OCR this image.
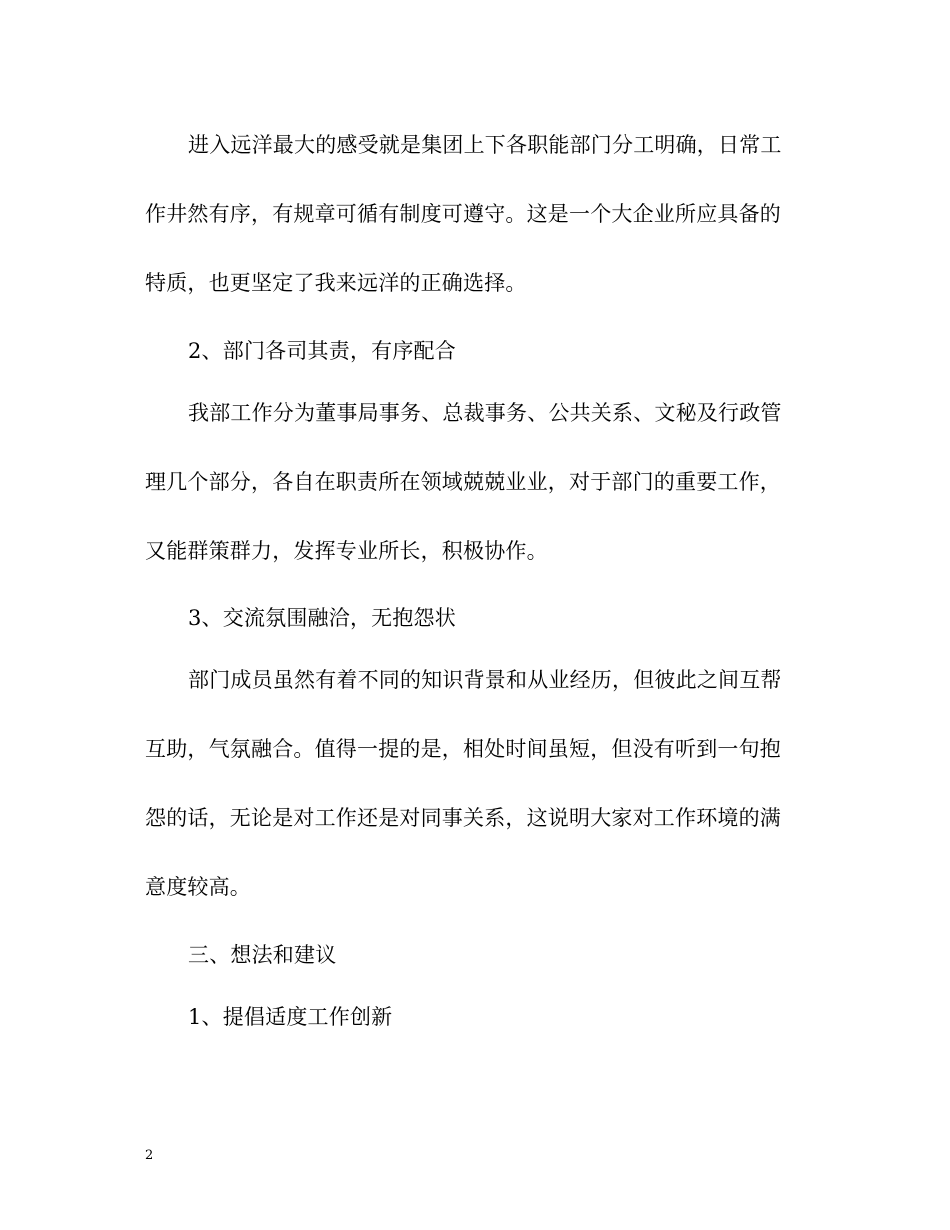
进入远洋最大的感受就是集团上下各职能部门分工明确，日常工
作井然有序，有规章可循有制度可遵守。这是一个大企业所应具备的
特质，也更坚定了我来远洋的正确选择。
2、部门各司其责，有序配合
我部工作分为董事局事务、总裁事务、公共关系、文秘及行政管
理几个部分，各自在职责所在领域兢兢业业，对于部门的重要工作，
又能群策群力，发挥专业所长，积极协作。
3、交流氛围融洽，无抱怨状
部门成员虽然有着不同的知识背景和从业经历，但彼此之间互帮
互助，气氛融合。值得一提的是，相处时间虽短，但没有听到一句抱
怨的话，无论是对工作还是对同事关系，这说明大家对工作环境的满
意度较高。
三、想法和建议
1、提倡适度工作创新
2
